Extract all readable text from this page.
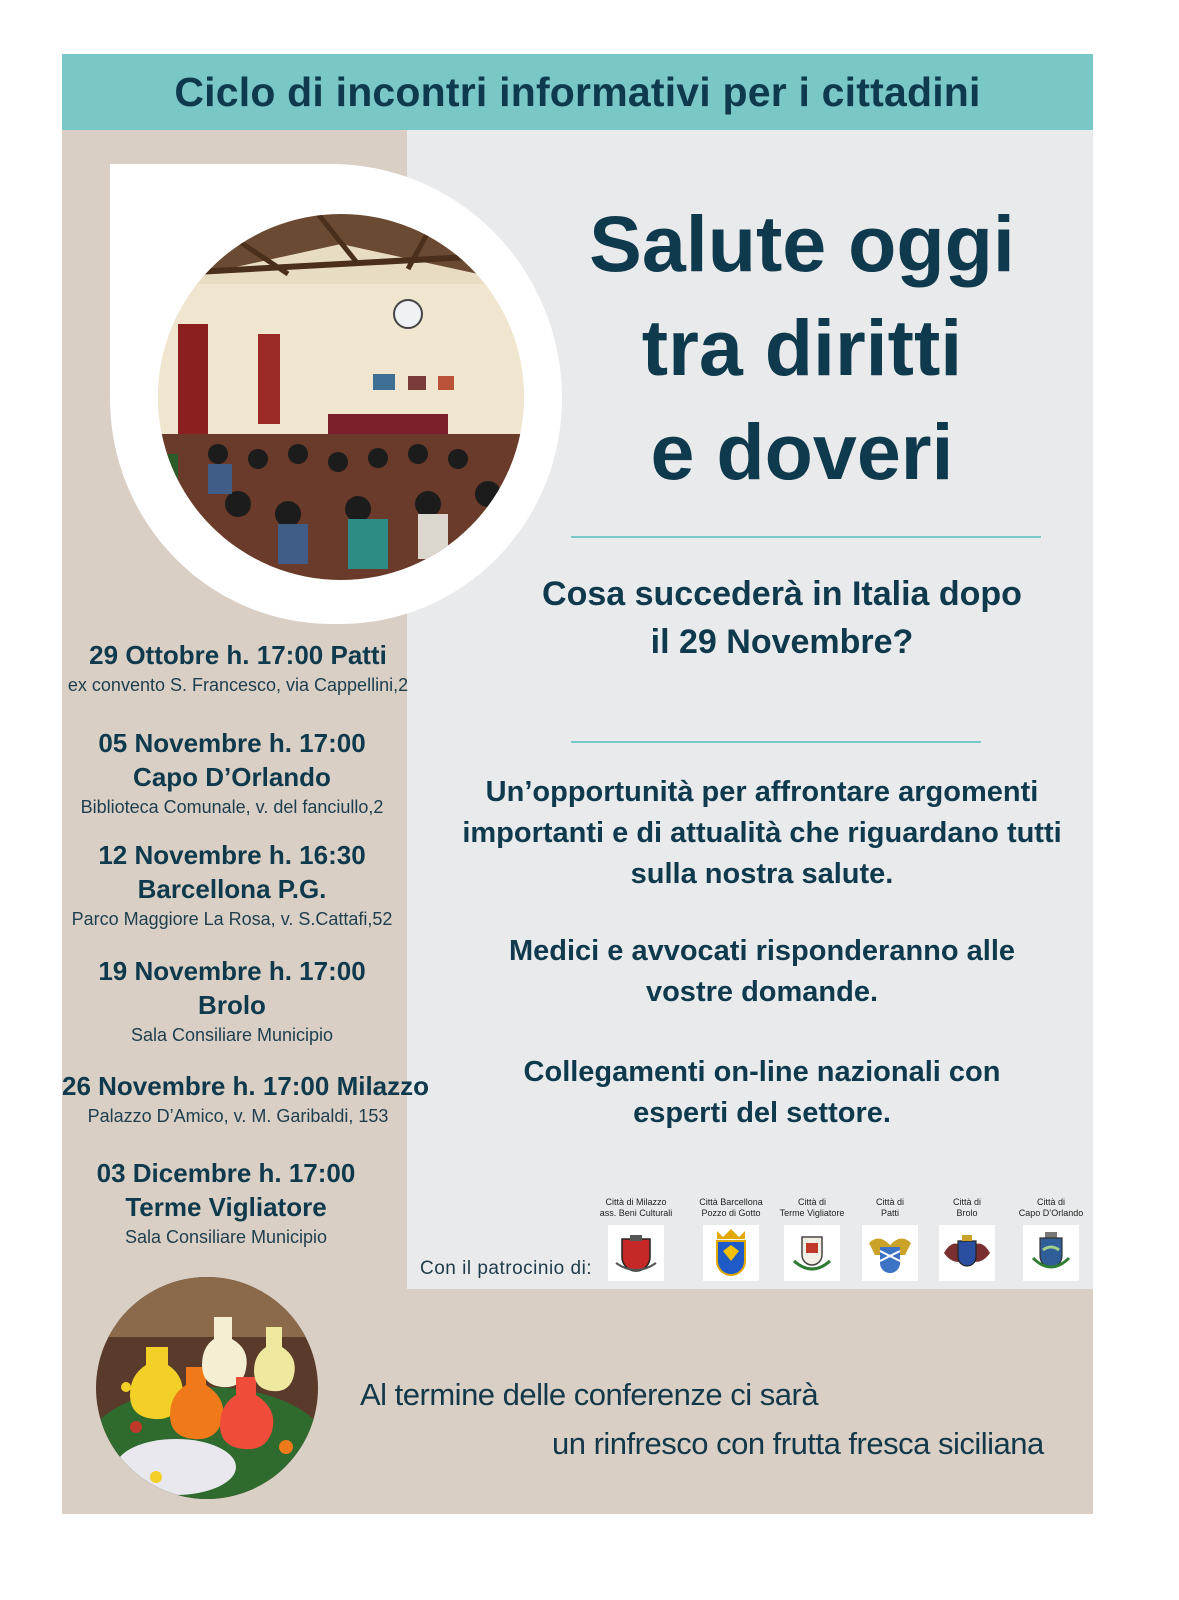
Ciclo di incontri informativi per i cittadini
Salute oggi
tra diritti
e doveri
Cosa succederà in Italia dopo il 29 Novembre?
Un’opportunità per affrontare argomenti importanti e di attualità che riguardano tutti sulla nostra salute.
Medici e avvocati risponderanno alle vostre domande.
Collegamenti on-line nazionali con esperti del settore.
29 Ottobre h. 17:00 Patti
ex convento S. Francesco, via Cappellini,2
05 Novembre h. 17:00
Capo D’Orlando
Biblioteca Comunale, v. del fanciullo,2
12 Novembre h. 16:30
Barcellona P.G.
Parco Maggiore La Rosa, v. S.Cattafi,52
19 Novembre h. 17:00
Brolo
Sala Consiliare Municipio
26 Novembre h. 17:00 Milazzo
Palazzo D’Amico, v. M. Garibaldi, 153
03 Dicembre h. 17:00
Terme Vigliatore
Sala Consiliare Municipio
Con il patrocinio di:
Città di Milazzo
ass. Beni Culturali
Città Barcellona
Pozzo di Gotto
Città di
Terme Vigliatore
Città di
Patti
Città di
Brolo
Città di
Capo D’Orlando
Al termine delle conferenze ci sarà
un rinfresco con frutta fresca siciliana
